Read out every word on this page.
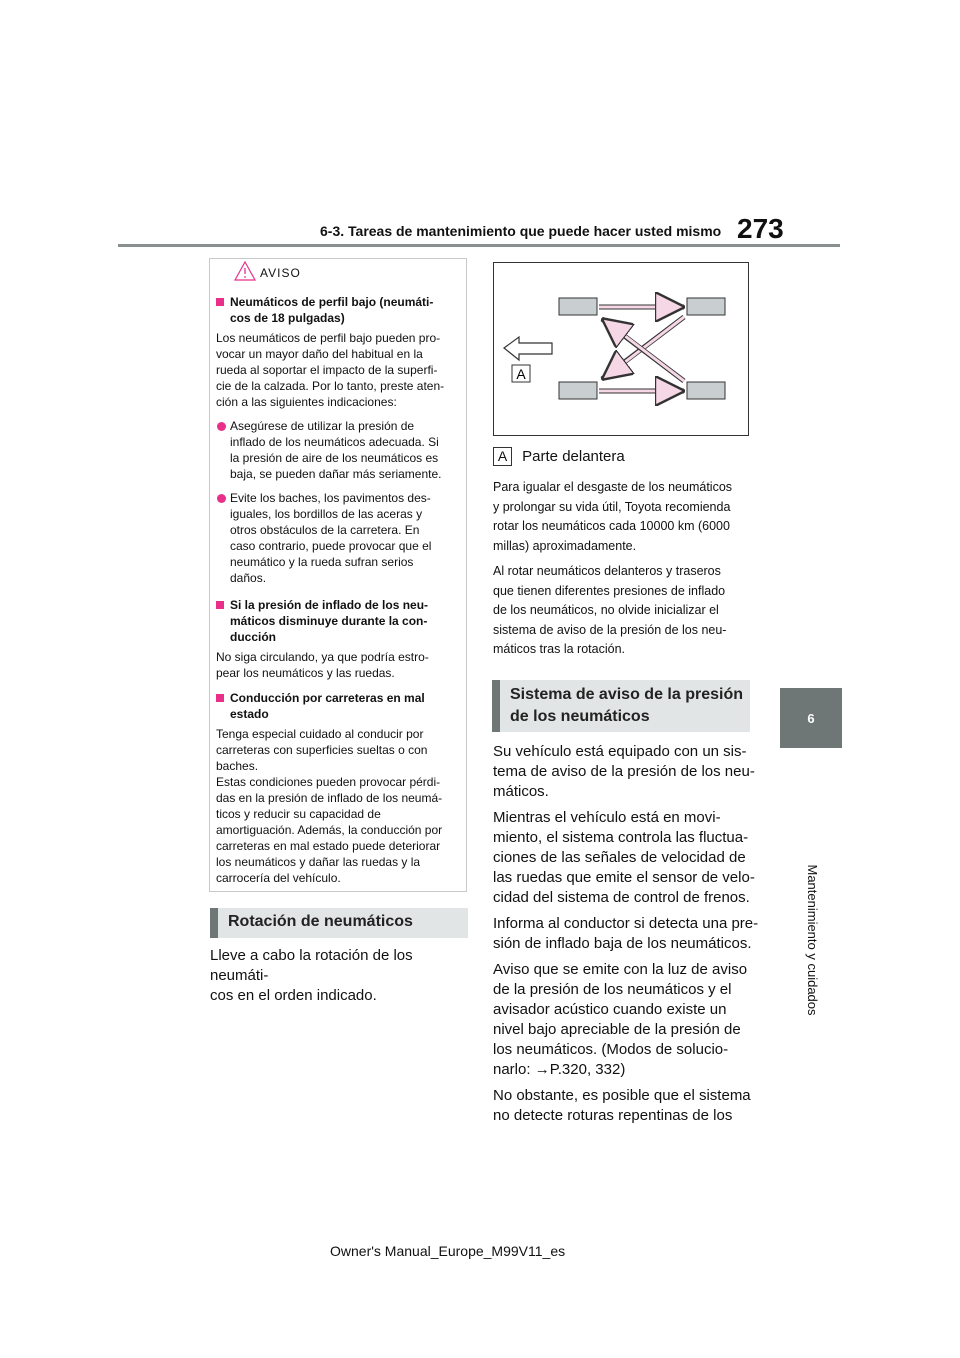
6-3. Tareas de mantenimiento que puede hacer usted mismo 273
6
Mantenimiento y cuidados
AVISO
Neumáticos de perfil bajo (neumáti-
cos de 18 pulgadas)
Los neumáticos de perfil bajo pueden pro-
vocar un mayor daño del habitual en la
rueda al soportar el impacto de la superfi-
cie de la calzada. Por lo tanto, preste aten-
ción a las siguientes indicaciones:
Asegúrese de utilizar la presión de
inflado de los neumáticos adecuada. Si
la presión de aire de los neumáticos es
baja, se pueden dañar más seriamente.
Evite los baches, los pavimentos des-
iguales, los bordillos de las aceras y
otros obstáculos de la carretera. En
caso contrario, puede provocar que el
neumático y la rueda sufran serios
daños.
Si la presión de inflado de los neu-
máticos disminuye durante la con-
ducción
No siga circulando, ya que podría estro-
pear los neumáticos y las ruedas.
Conducción por carreteras en mal
estado
Tenga especial cuidado al conducir por
carreteras con superficies sueltas o con
baches.
Estas condiciones pueden provocar pérdi-
das en la presión de inflado de los neumá-
ticos y reducir su capacidad de
amortiguación. Además, la conducción por
carreteras en mal estado puede deteriorar
los neumáticos y dañar las ruedas y la
carrocería del vehículo.
Rotación de neumáticos
Lleve a cabo la rotación de los neumáti-
cos en el orden indicado.
A
A Parte delantera
Para igualar el desgaste de los neumáticos
y prolongar su vida útil, Toyota recomienda
rotar los neumáticos cada 10000 km (6000
millas) aproximadamente.
Al rotar neumáticos delanteros y traseros
que tienen diferentes presiones de inflado
de los neumáticos, no olvide inicializar el
sistema de aviso de la presión de los neu-
máticos tras la rotación.
Sistema de aviso de la presión
de los neumáticos
Su vehículo está equipado con un sis-
tema de aviso de la presión de los neu-
máticos.
Mientras el vehículo está en movi-
miento, el sistema controla las fluctua-
ciones de las señales de velocidad de
las ruedas que emite el sensor de velo-
cidad del sistema de control de frenos.
Informa al conductor si detecta una pre-
sión de inflado baja de los neumáticos.
Aviso que se emite con la luz de aviso
de la presión de los neumáticos y el
avisador acústico cuando existe un
nivel bajo apreciable de la presión de
los neumáticos. (Modos de solucio-
narlo: →P.320, 332)
No obstante, es posible que el sistema
no detecte roturas repentinas de los
Owner's Manual_Europe_M99V11_es
